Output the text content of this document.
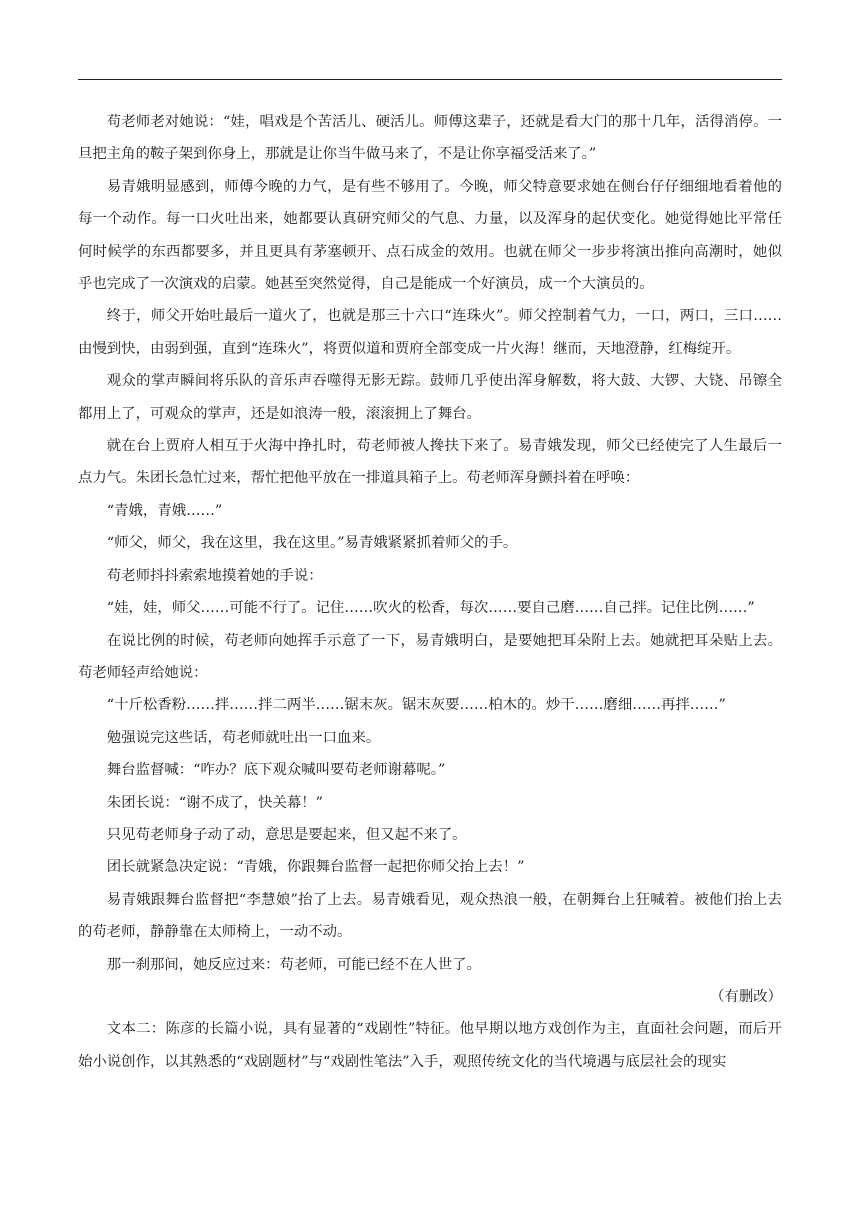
苟老师老对她说：“娃，唱戏是个苦活儿、硬活儿。师傅这辈子，还就是看大门的那十几年，活得消停。一旦把主角的鞍子架到你身上，那就是让你当牛做马来了，不是让你享福受活来了。”

易青娥明显感到，师傅今晚的力气，是有些不够用了。今晚，师父特意要求她在侧台仔仔细细地看着他的每一个动作。每一口火吐出来，她都要认真研究师父的气息、力量，以及浑身的起伏变化。她觉得她比平常任何时候学的东西都要多，并且更具有茅塞顿开、点石成金的效用。也就在师父一步步将演出推向高潮时，她似乎也完成了一次演戏的启蒙。她甚至突然觉得，自己是能成一个好演员，成一个大演员的。

终于，师父开始吐最后一道火了，也就是那三十六口“连珠火”。师父控制着气力，一口，两口，三口……由慢到快，由弱到强，直到“连珠火”，将贾似道和贾府全部变成一片火海！继而，天地澄静，红梅绽开。

观众的掌声瞬间将乐队的音乐声吞噬得无影无踪。鼓师几乎使出浑身解数，将大鼓、大锣、大铙、吊镲全都用上了，可观众的掌声，还是如浪涛一般，滚滚拥上了舞台。

就在台上贾府人相互于火海中挣扎时，苟老师被人搀扶下来了。易青娥发现，师父已经使完了人生最后一点力气。朱团长急忙过来，帮忙把他平放在一排道具箱子上。苟老师浑身颤抖着在呼唤：

“青娥，青娥……”

“师父，师父，我在这里，我在这里。”易青娥紧紧抓着师父的手。

苟老师抖抖索索地摸着她的手说：

“娃，娃，师父……可能不行了。记住……吹火的松香，每次……要自己磨……自己拌。记住比例……”

在说比例的时候，苟老师向她挥手示意了一下，易青娥明白，是要她把耳朵附上去。她就把耳朵贴上去。苟老师轻声给她说：

“十斤松香粉……拌……拌二两半……锯末灰。锯末灰要……柏木的。炒干……磨细……再拌……”

勉强说完这些话，苟老师就吐出一口血来。

舞台监督喊：“咋办？底下观众喊叫要苟老师谢幕呢。”

朱团长说：“谢不成了，快关幕！”

只见苟老师身子动了动，意思是要起来，但又起不来了。

团长就紧急决定说：“青娥，你跟舞台监督一起把你师父抬上去！”

易青娥跟舞台监督把“李慧娘”抬了上去。易青娥看见，观众热浪一般，在朝舞台上狂喊着。被他们抬上去的苟老师，静静靠在太师椅上，一动不动。

那一刹那间，她反应过来：苟老师，可能已经不在人世了。

（有删改）

文本二：陈彦的长篇小说，具有显著的“戏剧性”特征。他早期以地方戏创作为主，直面社会问题，而后开始小说创作，以其熟悉的“戏剧题材”与“戏剧性笔法”入手，观照传统文化的当代境遇与底层社会的现实
